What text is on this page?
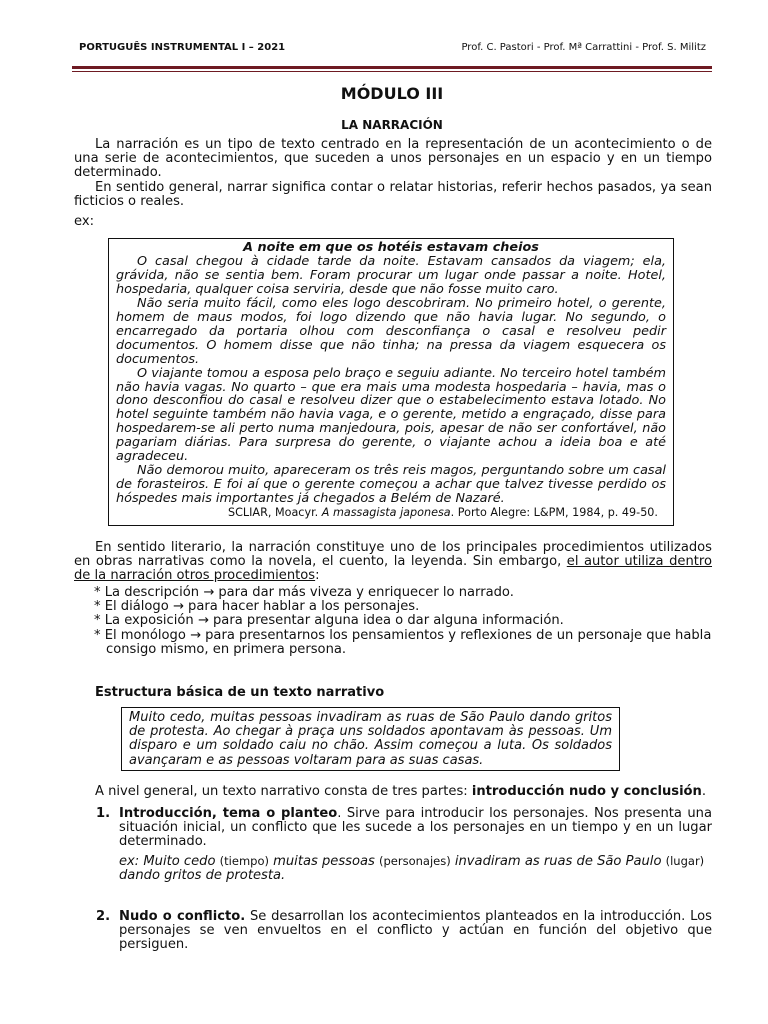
PORTUGUÊS INSTRUMENTAL I – 2021	Prof. C. Pastori - Prof. Mª Carrattini - Prof. S. Militz
MÓDULO III
LA NARRACIÓN

La narración es un tipo de texto centrado en la representación de un acontecimiento o de una serie de acontecimientos, que suceden a unos personajes en un espacio y en un tiempo determinado.

En sentido general, narrar significa contar o relatar historias, referir hechos pasados, ya sean ficticios o reales.

ex:

A noite em que os hotéis estavam cheios

O casal chegou à cidade tarde da noite. Estavam cansados da viagem; ela, grávida, não se sentia bem. Foram procurar um lugar onde passar a noite. Hotel, hospedaria, qualquer coisa serviria, desde que não fosse muito caro.

Não seria muito fácil, como eles logo descobriram. No primeiro hotel, o gerente, homem de maus modos, foi logo dizendo que não havia lugar. No segundo, o encarregado da portaria olhou com desconfiança o casal e resolveu pedir documentos. O homem disse que não tinha; na pressa da viagem esquecera os documentos.

O viajante tomou a esposa pelo braço e seguiu adiante. No terceiro hotel também não havia vagas. No quarto – que era mais uma modesta hospedaria – havia, mas o dono desconfiou do casal e resolveu dizer que o estabelecimento estava lotado. No hotel seguinte também não havia vaga, e o gerente, metido a engraçado, disse para hospedarem-se ali perto numa manjedoura, pois, apesar de não ser confortável, não pagariam diárias. Para surpresa do gerente, o viajante achou a ideia boa e até agradeceu.

Não demorou muito, apareceram os três reis magos, perguntando sobre um casal de forasteiros. E foi aí que o gerente começou a achar que talvez tivesse perdido os hóspedes mais importantes já chegados a Belém de Nazaré.

SCLIAR, Moacyr. A massagista japonesa. Porto Alegre: L&PM, 1984, p. 49-50.

En sentido literario, la narración constituye uno de los principales procedimientos utilizados en obras narrativas como la novela, el cuento, la leyenda. Sin embargo, el autor utiliza dentro de la narración otros procedimientos:

* La descripción → para dar más viveza y enriquecer lo narrado.

* El diálogo → para hacer hablar a los personajes.

* La exposición → para presentar alguna idea o dar alguna información.

* El monólogo → para presentarnos los pensamientos y reflexiones de un personaje que habla consigo mismo, en primera persona.

Estructura básica de un texto narrativo
Muito cedo, muitas pessoas invadiram as ruas de São Paulo dando gritos de protesta. Ao chegar à praça uns soldados apontavam às pessoas. Um disparo e um soldado caiu no chão. Assim começou a luta. Os soldados avançaram e as pessoas voltaram para as suas casas.

A nivel general, un texto narrativo consta de tres partes: introducción nudo y conclusión.

1. Introducción, tema o planteo. Sirve para introducir los personajes. Nos presenta una situación inicial, un conflicto que les sucede a los personajes en un tiempo y en un lugar determinado.
ex: Muito cedo (tiempo) muitas pessoas (personajes) invadiram as ruas de São Paulo (lugar) dando gritos de protesta.
2. Nudo o conflicto. Se desarrollan los acontecimientos planteados en la introducción. Los personajes se ven envueltos en el conflicto y actúan en función del objetivo que persiguen.
